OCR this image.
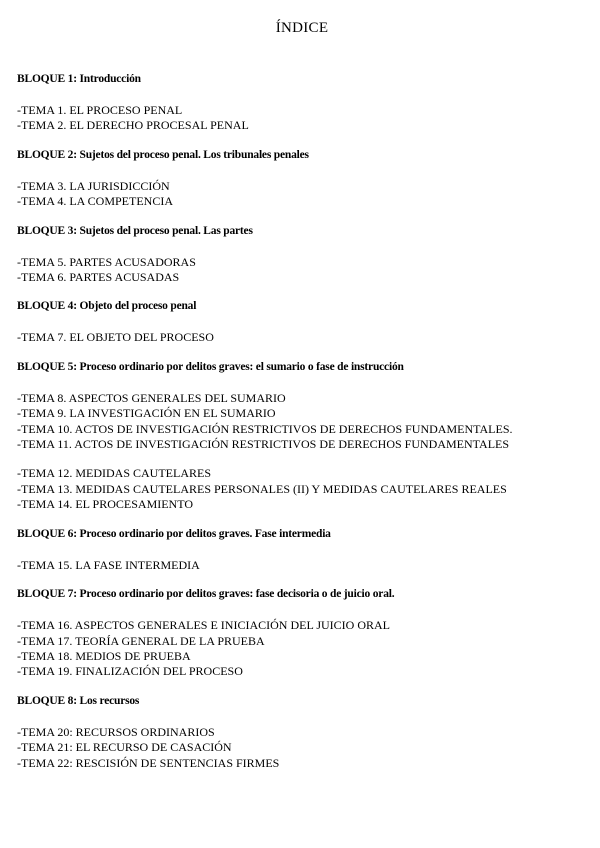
ÍNDICE
BLOQUE 1: Introducción
-TEMA 1. EL PROCESO PENAL
-TEMA 2. EL DERECHO PROCESAL PENAL
BLOQUE 2: Sujetos del proceso penal. Los tribunales penales
-TEMA 3. LA JURISDICCIÓN
-TEMA 4. LA COMPETENCIA
BLOQUE 3: Sujetos del proceso penal. Las partes
-TEMA 5. PARTES ACUSADORAS
-TEMA 6. PARTES ACUSADAS
BLOQUE 4: Objeto del proceso penal
-TEMA 7. EL OBJETO DEL PROCESO
BLOQUE 5: Proceso ordinario por delitos graves: el sumario o fase de instrucción
-TEMA 8. ASPECTOS GENERALES DEL SUMARIO
-TEMA 9. LA INVESTIGACIÓN EN EL SUMARIO
-TEMA 10. ACTOS DE INVESTIGACIÓN RESTRICTIVOS DE DERECHOS FUNDAMENTALES.
-TEMA 11. ACTOS DE INVESTIGACIÓN RESTRICTIVOS DE DERECHOS FUNDAMENTALES
-TEMA 12. MEDIDAS CAUTELARES
-TEMA 13. MEDIDAS CAUTELARES PERSONALES (II) Y MEDIDAS CAUTELARES REALES
-TEMA 14. EL PROCESAMIENTO
BLOQUE 6: Proceso ordinario por delitos graves. Fase intermedia
-TEMA 15. LA FASE INTERMEDIA
BLOQUE 7: Proceso ordinario por delitos graves: fase decisoria o de juicio oral.
-TEMA 16. ASPECTOS GENERALES E INICIACIÓN DEL JUICIO ORAL
-TEMA 17. TEORÍA GENERAL DE LA PRUEBA
-TEMA 18. MEDIOS DE PRUEBA
-TEMA 19. FINALIZACIÓN DEL PROCESO
BLOQUE 8: Los recursos
-TEMA 20: RECURSOS ORDINARIOS
-TEMA 21: EL RECURSO DE CASACIÓN
-TEMA 22: RESCISIÓN DE SENTENCIAS FIRMES
